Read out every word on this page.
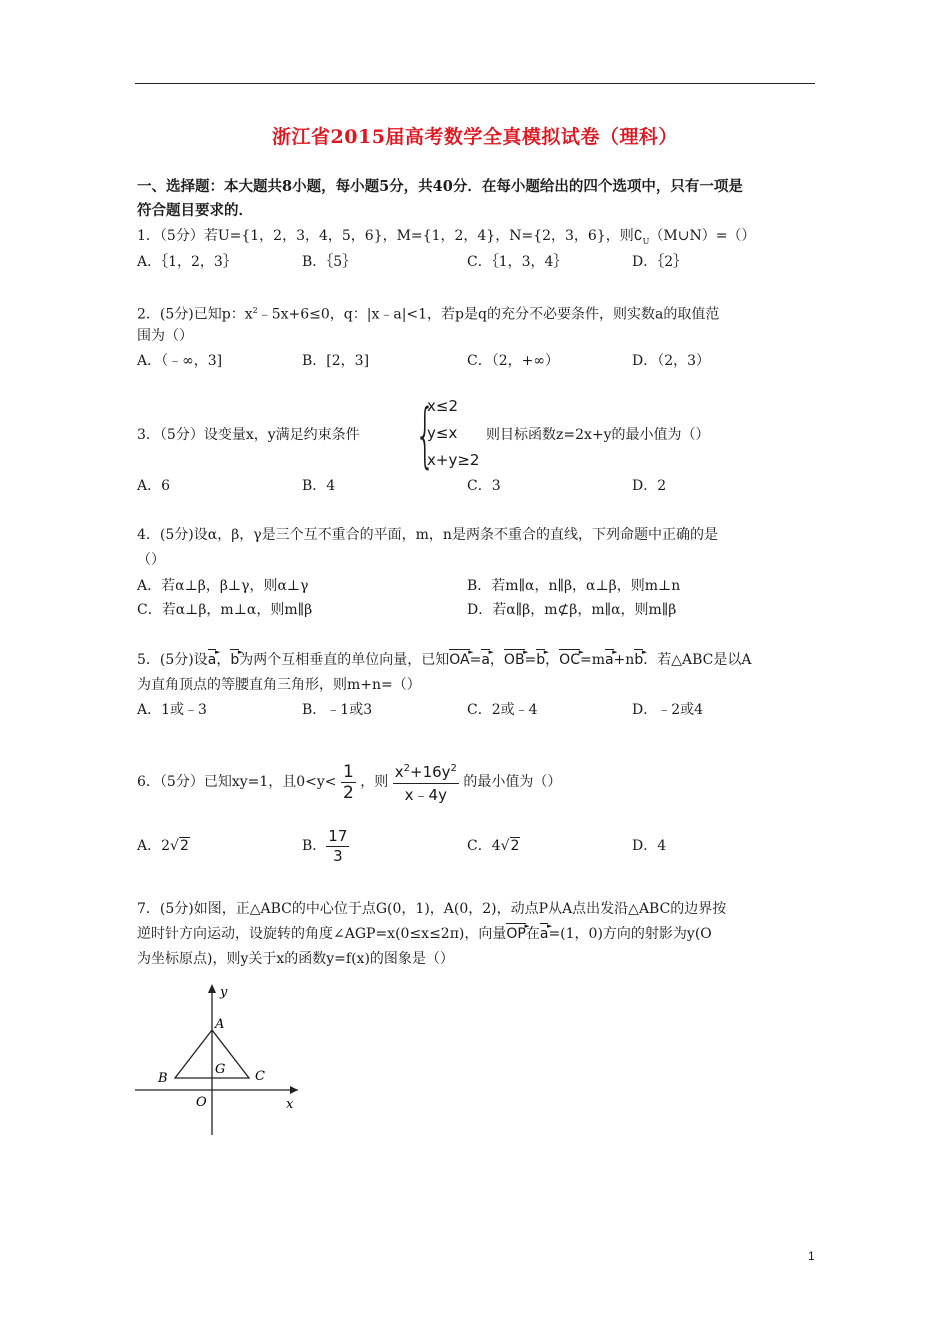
浙江省2015届高考数学全真模拟试卷（理科）
一、选择题：本大题共8小题，每小题5分，共40分．在每小题给出的四个选项中，只有一项是
符合题目要求的．
1．（5分）若U={1，2，3，4，5，6}，M={1，2，4}，N={2，3，6}，则$∁_U(M\cup N)=()$
A．｛1，2，3｝	B．｛5｝	C．｛1，3，4｝	D．｛2｝
2．(5分)已知p：$x^2﹣5x+6\le 0$，q：|x﹣a|<1，若p是q的充分不必要条件，则实数a的取值范
围为（）
A．（﹣∞，3]	B．[2，3]	C．（2，+∞）	D．（2，3）
3．（5分）设变量x，y满足约束条件 {
x≤2
y≤x
x+y≥2
则目标函数z=2x+y的最小值为（）
A．6	B．4	C．3	D．2
4．(5分)设α，β，γ是三个互不重合的平面，m，n是两条不重合的直线，下列命题中正确的是
（）
A．若α⊥β，β⊥γ，则α⊥γ	B．若m∥α，n∥β，α⊥β，则m⊥n
C．若α⊥β，m⊥α，则m∥β	D．若α∥β，m⊄β，m∥α，则m∥β
5．(5分)设a ►，b ►为两个互相垂直的单位向量，已知OA ►=a ►，OB ►=b ►，OC ►=ma ►+nb ►．若△ABC是以A
为直角顶点的等腰直角三角形，则m+n=（）
A．1或﹣3	B．﹣1或3	C．2或﹣4	D．﹣2或4
6．（5分）已知xy=1，且$0<y< \frac{1}{2}$ ，则 $\frac{x^2+16y^2}{x﹣4y}$ 的最小值为（）
A．2√2	B． $\frac{17}{3}$	C．4√2	D．4
7．(5分)如图，正△ABC的中心位于点G(0，1)，A(0，2)，动点P从A点出发沿△ABC的边界按
逆时针方向运动，设旋转的角度∠AGP=x(0≤x≤2π)，向量OP ►在a ►=(1，0)方向的射影为y(O
为坐标原点)，则y关于x的函数y=f(x)的图象是（）
y
x
A
B	C
G
O
1
